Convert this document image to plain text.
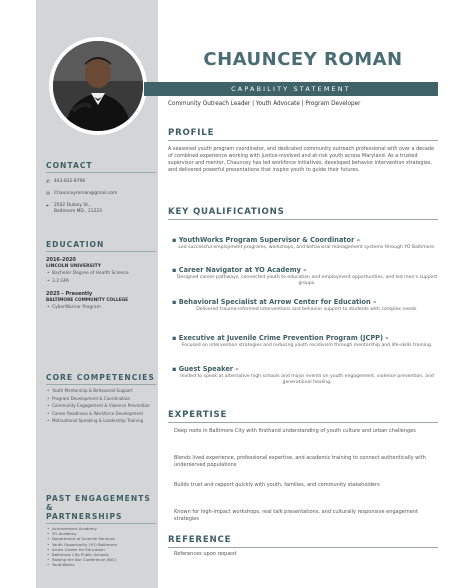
CONTACT
✆ 443-832-8798
✉ Chaunceyroman@gmail.com
⌖	2502 Dulany St.,
Baltimore MD., 21223
EDUCATION
2016-2020
LINCOLN UNIVERSITY
• Bachelor Degree of Health Science
• 3.2 GPA
2025 - Presently
BALTIMORE COMMUNITY COLLEGE
• CyberWarrior Program
CORE COMPETENCIES
• Youth Mentorship & Behavioral Support
• Program Development & Coordination
• Community Engagement & Violence Prevention
• Career Readiness & Workforce Development
• Motivational Speaking & Leadership Training
PAST ENGAGEMENTS &
PARTNERSHIPS
• Achievement Academy
• YO Academy
• Department of Juvenile Services
• Youth Opportunity (YO) Baltimore
• Arrow Center for Education
• Baltimore City Public Schools
• Raising the Bar Conference (NIC)
• YouthWorks
CHAUNCEY ROMAN
CAPABILITY STATEMENT
Community Outreach Leader | Youth Advocate | Program Developer
PROFILE
A seasoned youth program coordinator, and dedicated community outreach professional with over a decade of combined experience working with justice-involved and at-risk youth across Maryland. As a trusted supervisor and mentor, Chauncey has led workforce initiatives, developed behavior intervention strategies, and delivered powerful presentations that inspire youth to guide their futures.
KEY QUALIFICATIONS
▪ YouthWorks Program Supervisor & Coordinator –
Led successful employment programs, workshops, and behavioral management systems through YO Baltimore.
▪ Career Navigator at YO Academy –
Designed career pathways, connected youth to education and employment opportunities, and led men's support groups.
▪ Behavioral Specialist at Arrow Center for Education –
Delivered trauma-informed interventions and behavior support to students with complex needs.
▪ Executive at Juvenile Crime Prevention Program (JCPP) –
Focused on intervention strategies and reducing youth recidivism through mentorship and life-skills training.
▪ Guest Speaker –
Invited to speak at alternative high schools and major events on youth engagement, violence prevention, and generational healing.
EXPERTISE
Deep roots in Baltimore City with firsthand understanding of youth culture and urban challenges
Blends lived experience, professional expertise, and academic training to connect authentically with underserved populations
Builds trust and rapport quickly with youth, families, and community stakeholders
Known for high-impact workshops, real talk presentations, and culturally responsive engagement strategies
REFERENCE
References upon request
